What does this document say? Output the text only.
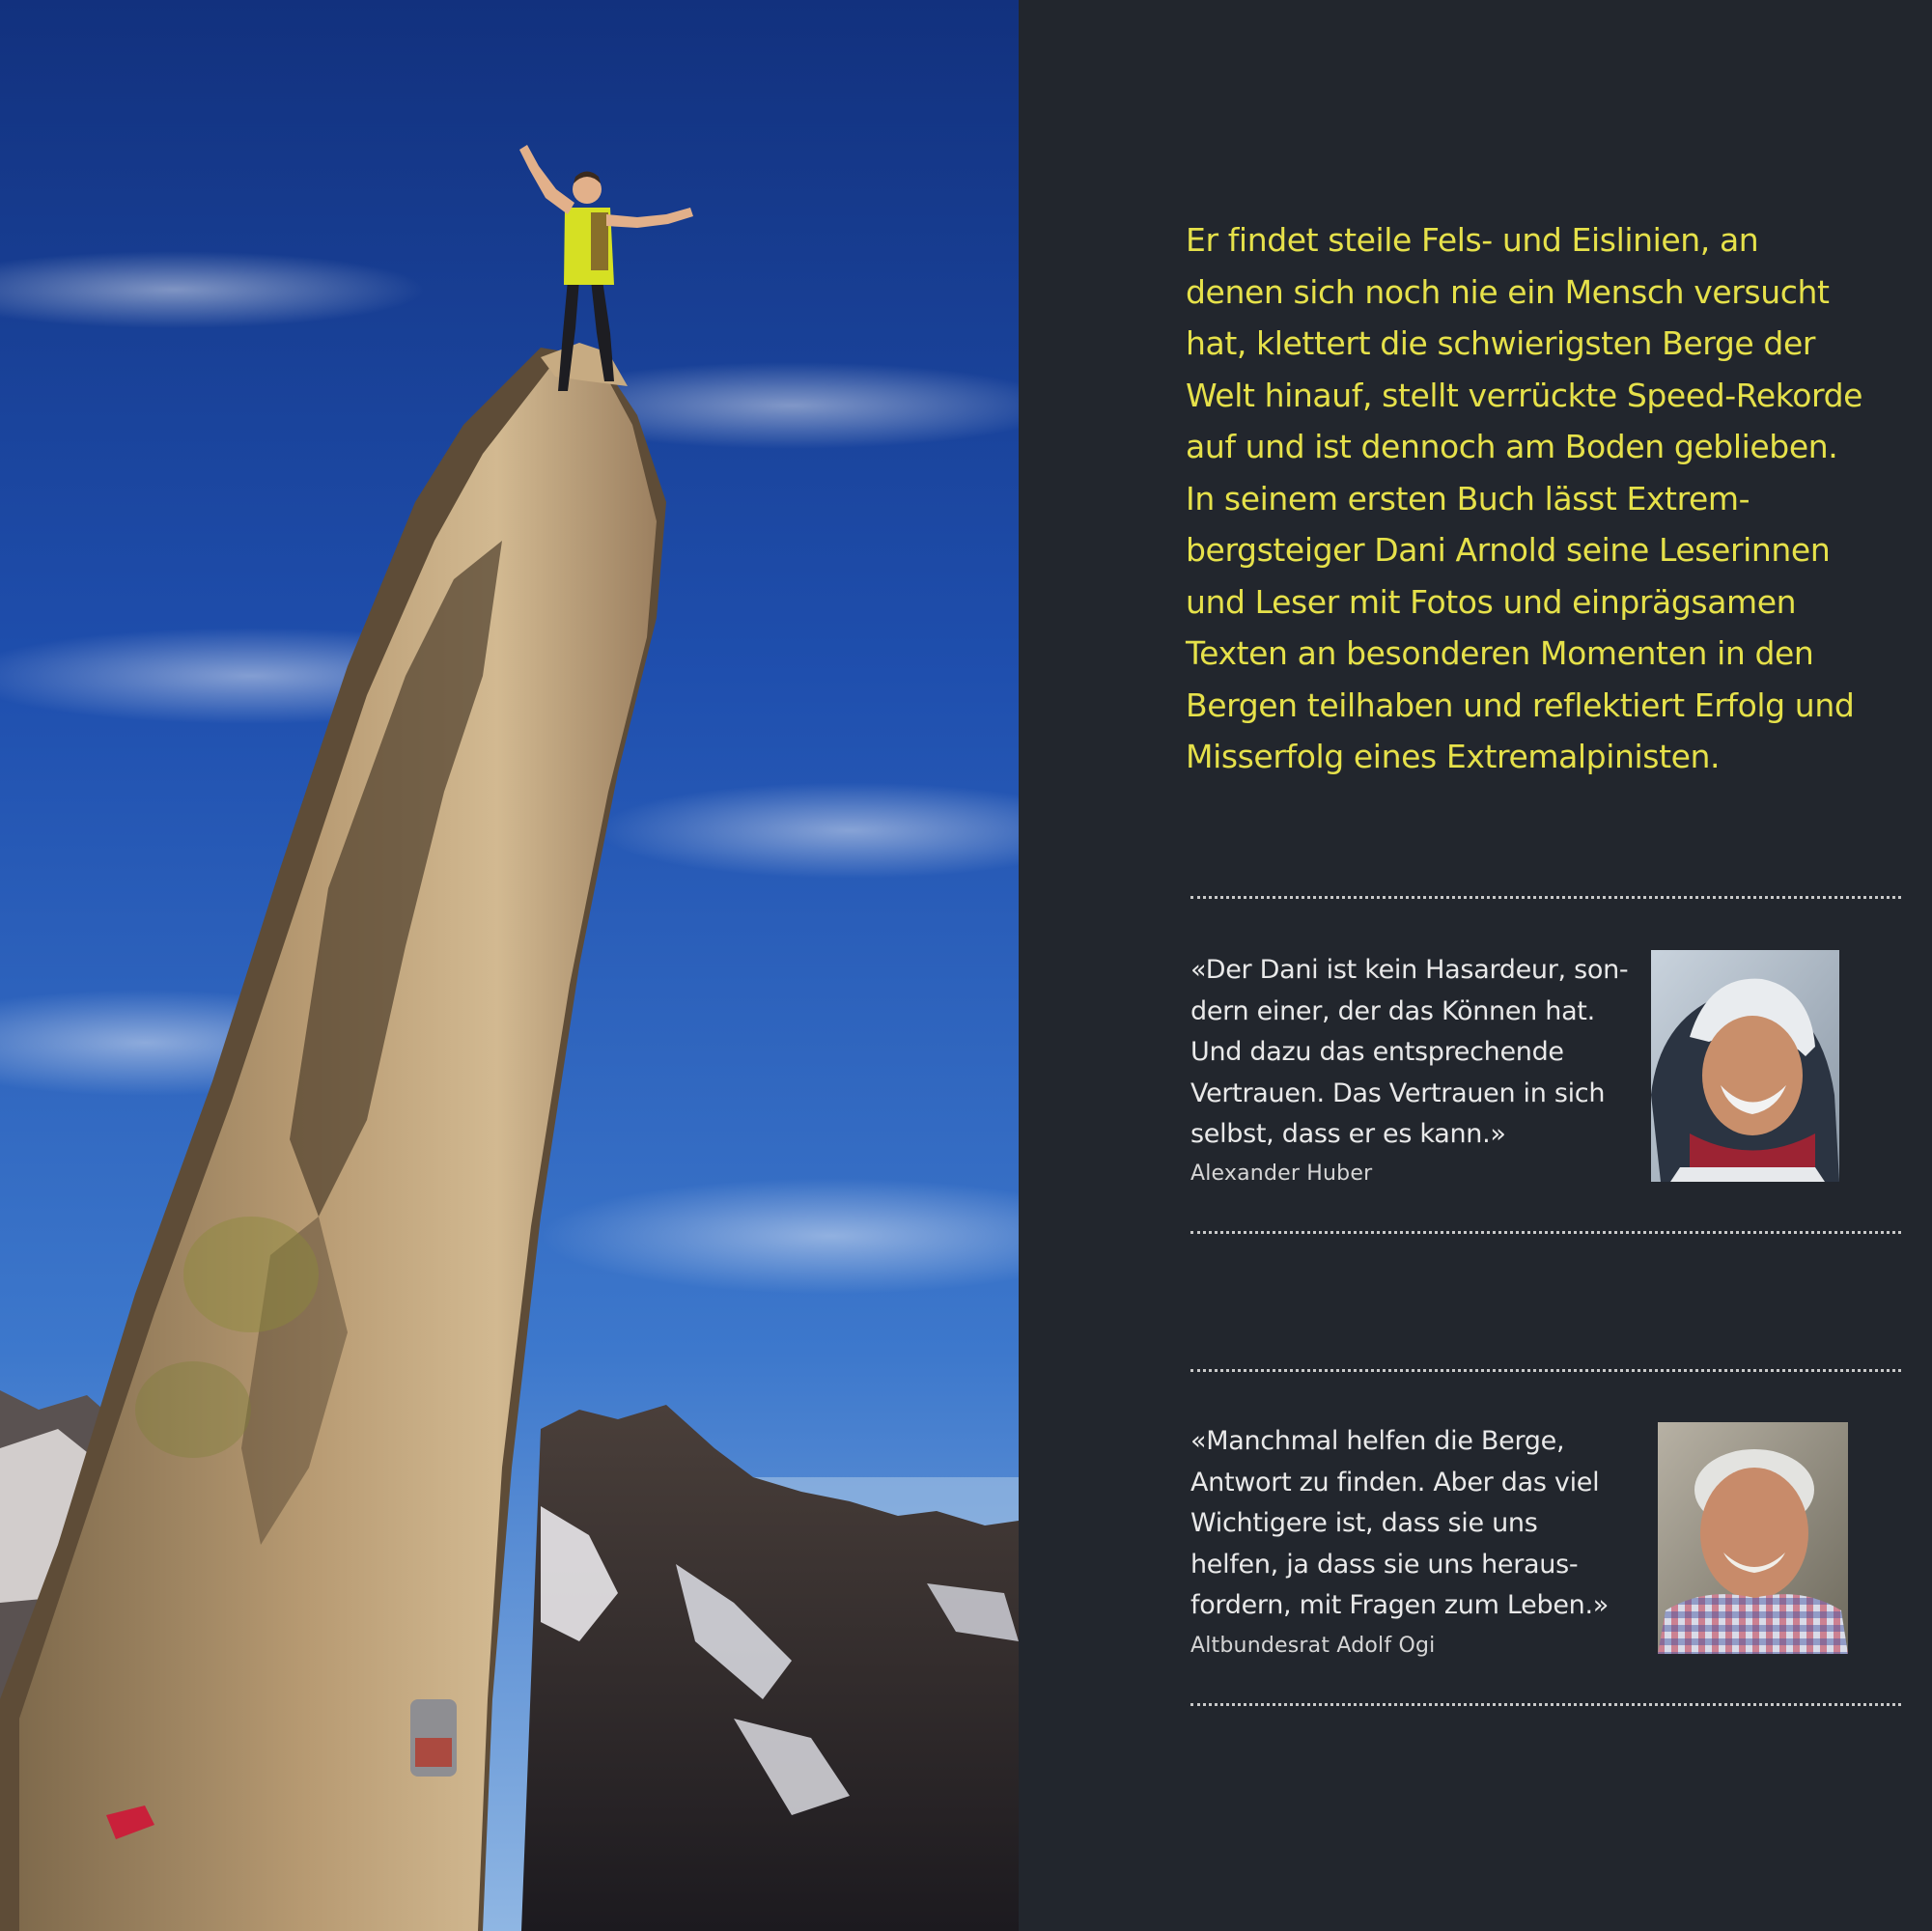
Er findet steile Fels- und Eislinien, an
denen sich noch nie ein Mensch versucht
hat, klettert die schwierigsten Berge der
Welt hinauf, stellt verrückte Speed-Rekorde
auf und ist dennoch am Boden geblieben.
In seinem ersten Buch lässt Extrem-
bergsteiger Dani Arnold seine Leserinnen
und Leser mit Fotos und einprägsamen
Texten an besonderen Momenten in den
Bergen teilhaben und reflektiert Erfolg und
Misserfolg eines Extremalpinisten.

«Der Dani ist kein Hasardeur, son-
dern einer, der das Können hat.
Und dazu das entsprechende
Vertrauen. Das Vertrauen in sich
selbst, dass er es kann.»

Alexander Huber

«Manchmal helfen die Berge,
Antwort zu finden. Aber das viel
Wichtigere ist, dass sie uns
helfen, ja dass sie uns heraus-
fordern, mit Fragen zum Leben.»

Altbundesrat Adolf Ogi
